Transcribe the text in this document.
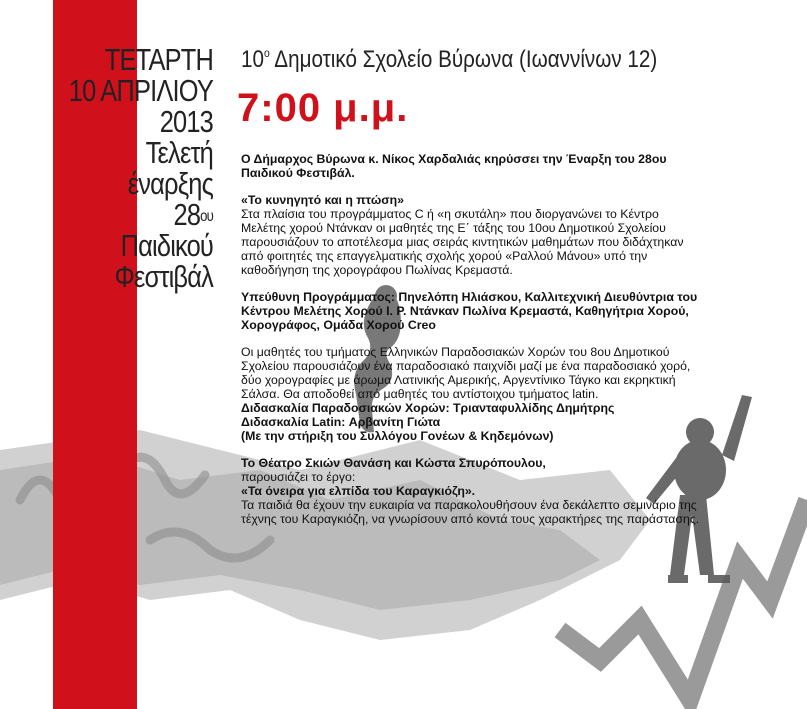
ΤΕΤΑΡΤΗ
10 ΑΠΡΙΛΙΟΥ
2013
Τελετή
έναρξης
$28^{o\upsilon}$
Παιδικού
Φεστιβάλ
$10^o$ Δημοτικό Σχολείο Βύρωνα (Ιωαννίνων 12)
7:00 μ.μ.

Ο Δήμαρχος Βύρωνα κ. Νίκος Χαρδαλιάς κηρύσσει την Έναρξη του 28ου Παιδικού Φεστιβάλ.

«Το κυνηγητό και η πτώση»
Στα πλαίσια του προγράμματος C ή «η σκυτάλη» που διοργανώνει το Κέντρο Μελέτης χορού Ντάνκαν οι μαθητές της Ε΄ τάξης του 10ου Δημοτικού Σχολείου παρουσιάζουν το αποτέλεσμα μιας σειράς κιντητικών μαθημάτων που διδάχτηκαν από φοιτητές της επαγγελματικής σχολής χορού «Ραλλού Μάνου» υπό την καθοδήγηση της χορογράφου Πωλίνας Κρεμαστά.

Υπεύθυνη Προγράμματος: Πηνελόπη Ηλιάσκου, Καλλιτεχνική Διευθύντρια του Κέντρου Μελέτης Χορού Ι. Ρ. Ντάνκαν Πωλίνα Κρεμαστά, Καθηγήτρια Χορού, Χορογράφος, Ομάδα Χορού Creo

Οι μαθητές του τμήματος Ελληνικών Παραδοσιακών Χορών του 8ου Δημοτικού Σχολείου παρουσιάζουν ένα παραδοσιακό παιχνίδι μαζί με ένα παραδοσιακό χορό, δύο χορογραφίες με άρωμα Λατινικής Αμερικής, Αργεντίνικο Τάγκο και εκρηκτική Σάλσα. Θα αποδοθεί από μαθητές του αντίστοιχου τμήματος latin.
Διδασκαλία Παραδοσιακών Χορών: Τριανταφυλλίδης Δημήτρης
Διδασκαλία Latin: Αρβανίτη Γιώτα
(Με την στήριξη του Συλλόγου Γονέων & Κηδεμόνων)

Το Θέατρο Σκιών Θανάση και Κώστα Σπυρόπουλου,
παρουσιάζει το έργο:
«Τα όνειρα για ελπίδα του Καραγκιόζη».
Τα παιδιά θα έχουν την ευκαιρία να παρακολουθήσουν ένα δεκάλεπτο σεμινάριο της τέχνης του Καραγκιόζη, να γνωρίσουν από κοντά τους χαρακτήρες της παράστασης.
